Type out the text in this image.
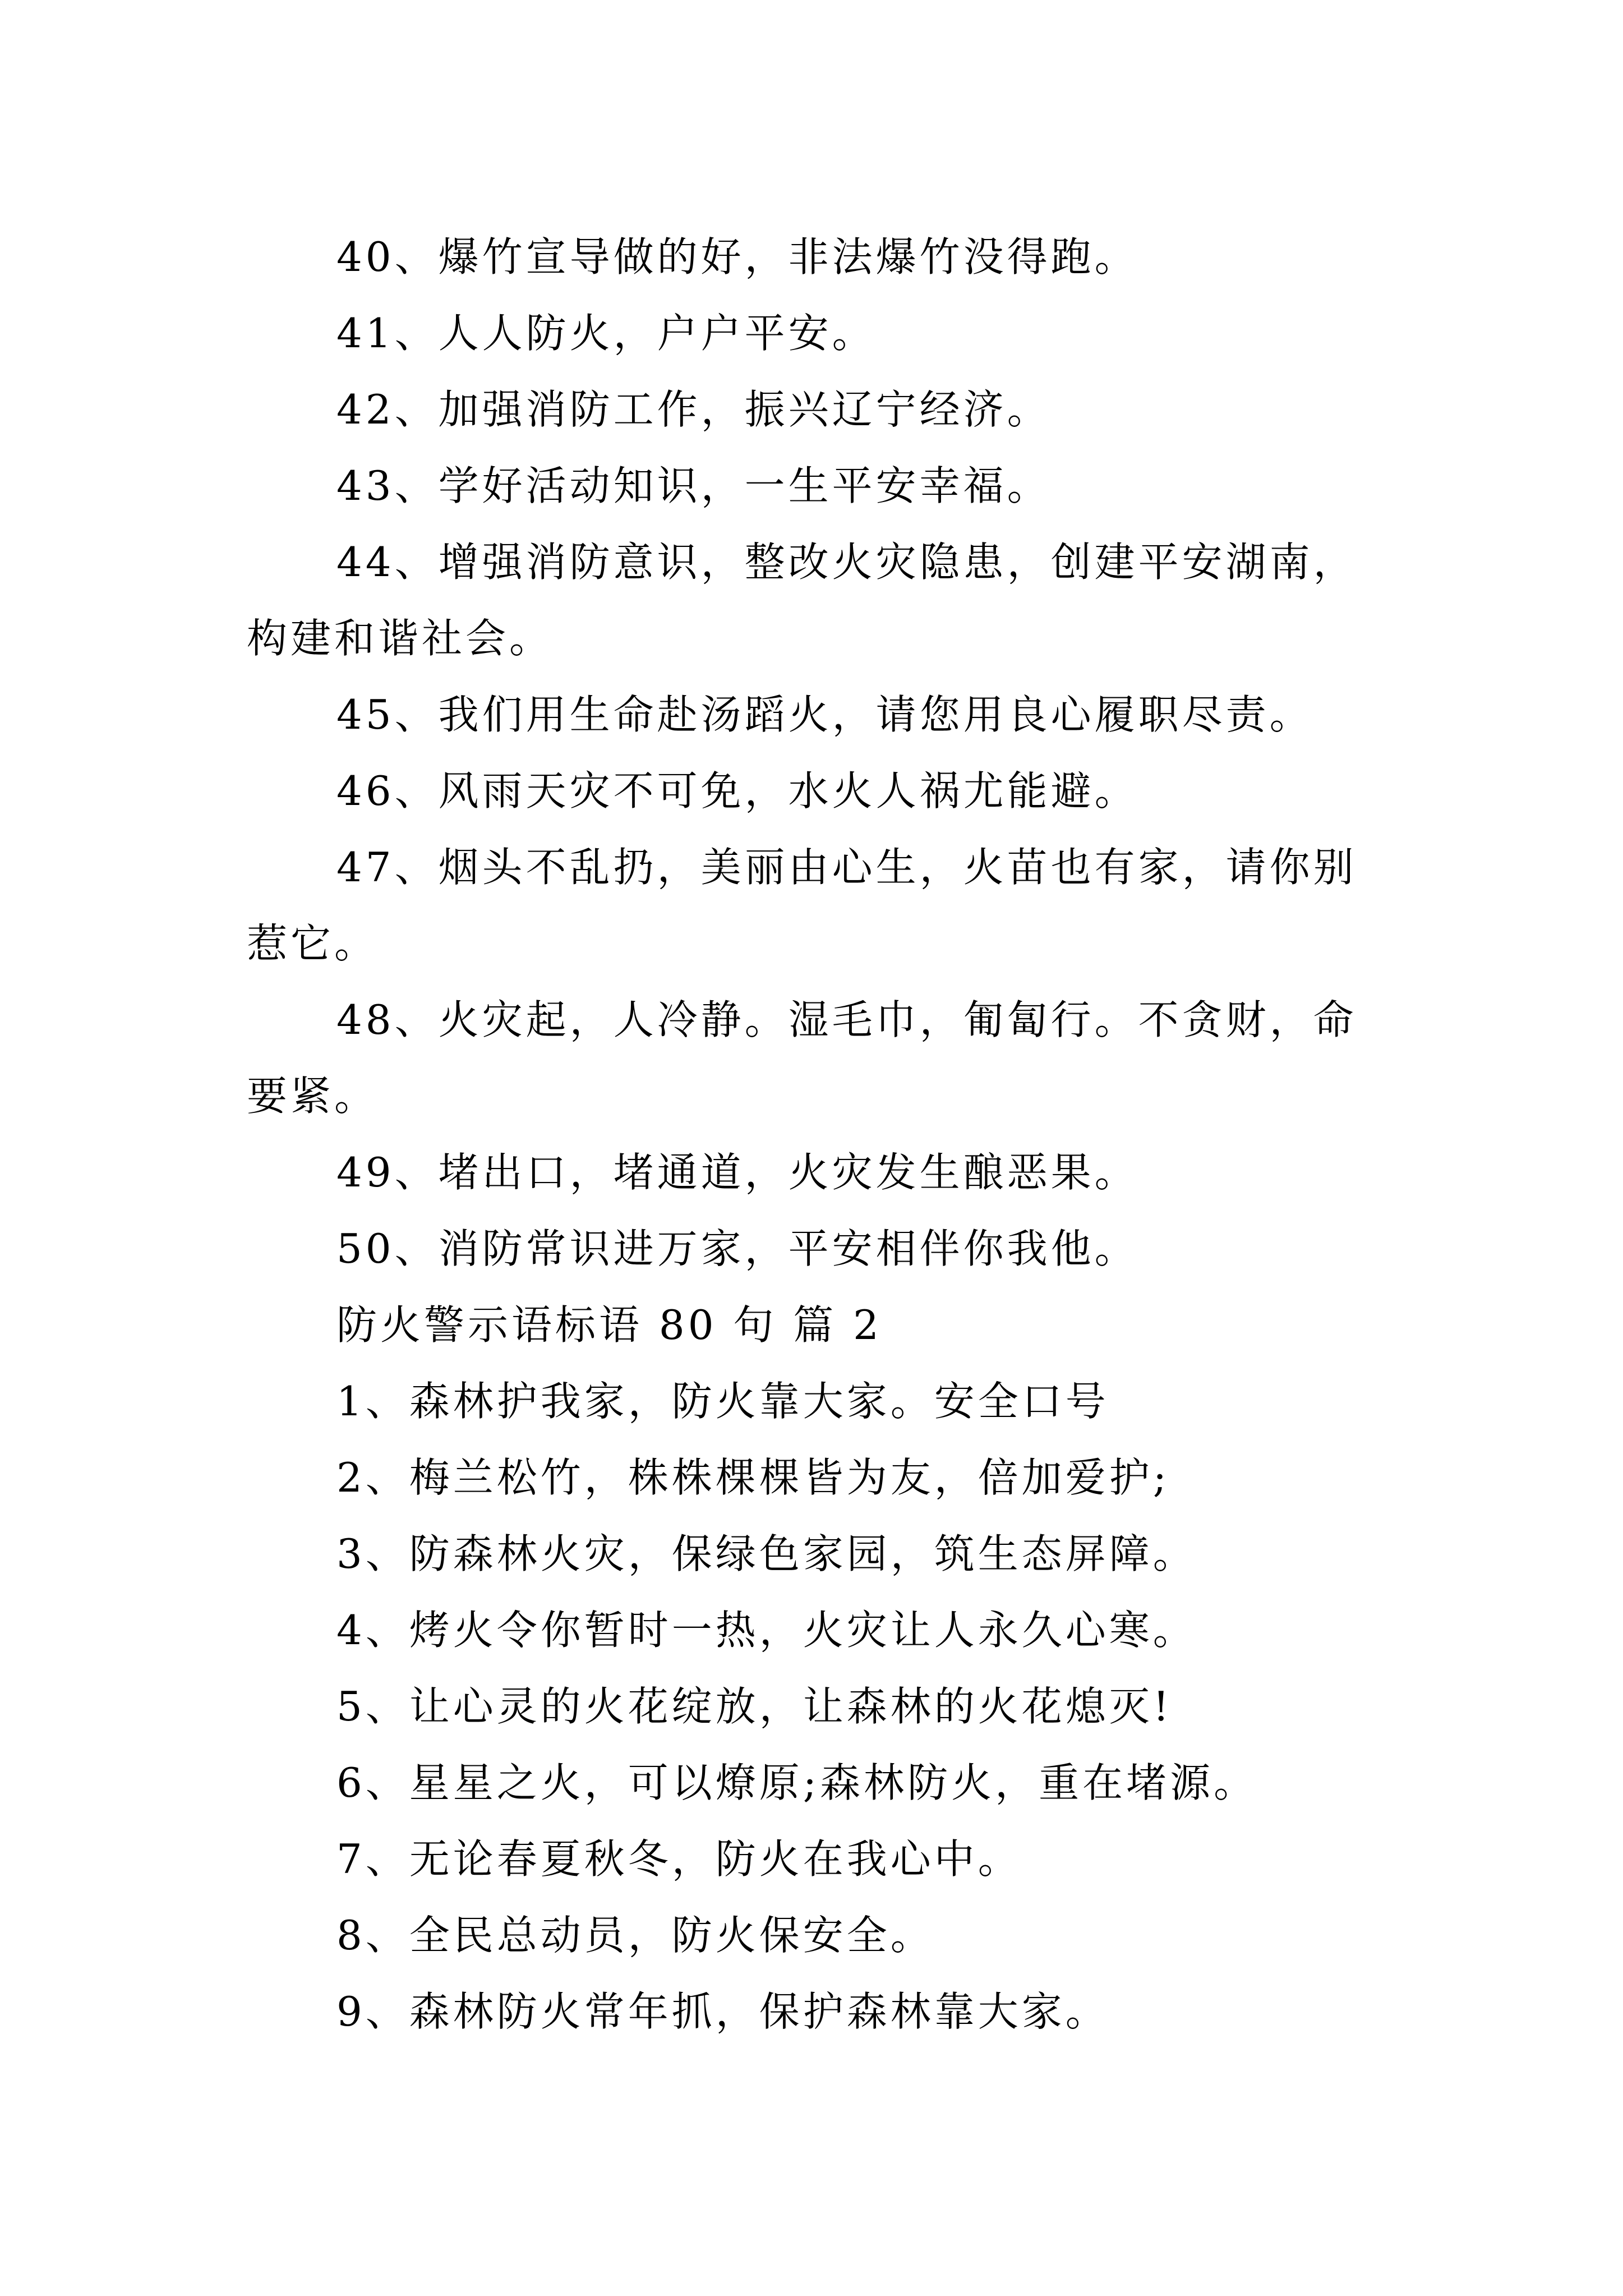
40、爆竹宣导做的好，非法爆竹没得跑。

41、人人防火，户户平安。

42、加强消防工作，振兴辽宁经济。

43、学好活动知识，一生平安幸福。

44、增强消防意识，整改火灾隐患，创建平安湖南，构建和谐社会。

45、我们用生命赴汤蹈火，请您用良心履职尽责。

46、风雨天灾不可免，水火人祸尤能避。

47、烟头不乱扔，美丽由心生，火苗也有家，请你别惹它。

48、火灾起，人冷静。湿毛巾，匍匐行。不贪财，命要紧。

49、堵出口，堵通道，火灾发生酿恶果。

50、消防常识进万家，平安相伴你我他。

防火警示语标语 80 句 篇 2

1、森林护我家，防火靠大家。安全口号

2、梅兰松竹，株株棵棵皆为友，倍加爱护;

3、防森林火灾，保绿色家园，筑生态屏障。

4、烤火令你暂时一热，火灾让人永久心寒。

5、让心灵的火花绽放，让森林的火花熄灭!

6、星星之火，可以燎原;森林防火，重在堵源。

7、无论春夏秋冬，防火在我心中。

8、全民总动员，防火保安全。

9、森林防火常年抓，保护森林靠大家。
